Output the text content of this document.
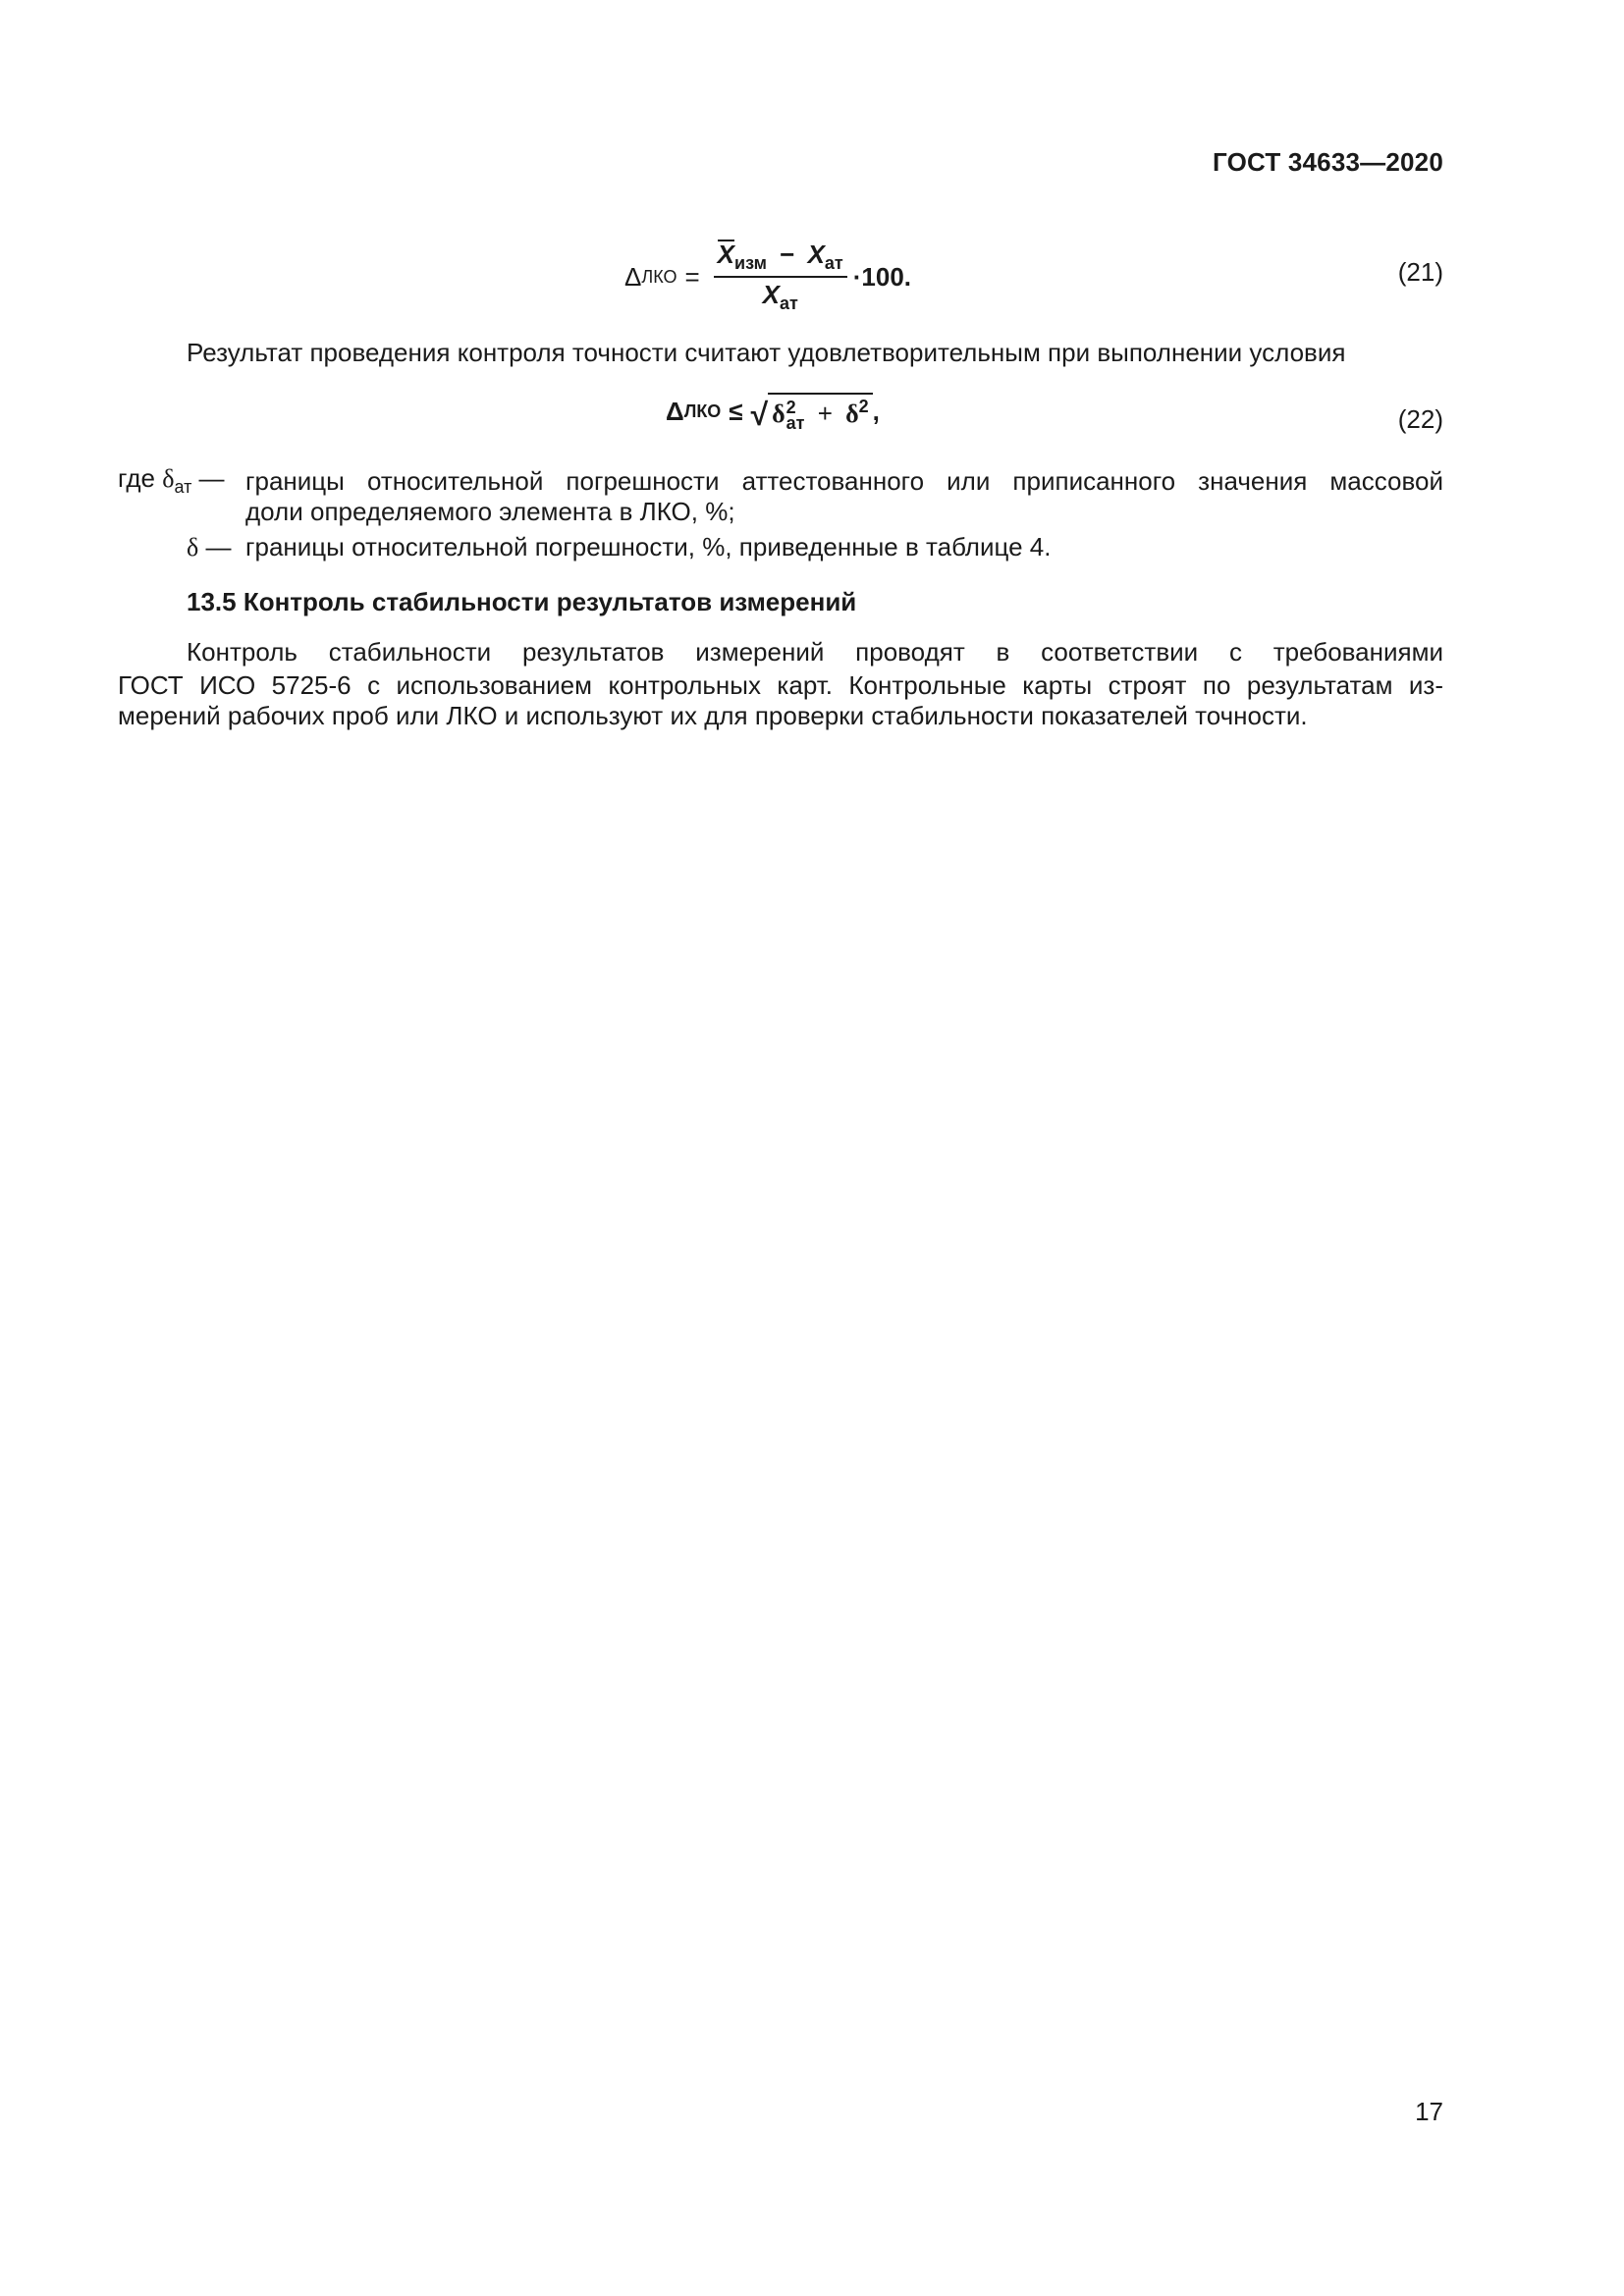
ГОСТ 34633—2020
Δ ЛКО = $\frac{X_{изм} - X_{ат}}{X_{ат}} \cdot 100$.	(21)
Результат проведения контроля точности считают удовлетворительным при выполнении условия
Δ ЛКО ≤ √ δ 2
ат + $\delta^2$ ,	(22)
где $\delta_{ат}$ — границы относительной погрешности аттестованного или приписанного значения массовой
доли определяемого элемента в ЛКО, %;
δ — границы относительной погрешности, %, приведенные в таблице 4.
13.5 Контроль стабильности результатов измерений
Контроль стабильности результатов измерений проводят в соответствии с требованиями
ГОСТ ИСО 5725-6 с использованием контрольных карт. Контрольные карты строят по результатам из-
мерений рабочих проб или ЛКО и используют их для проверки стабильности показателей точности.
17
